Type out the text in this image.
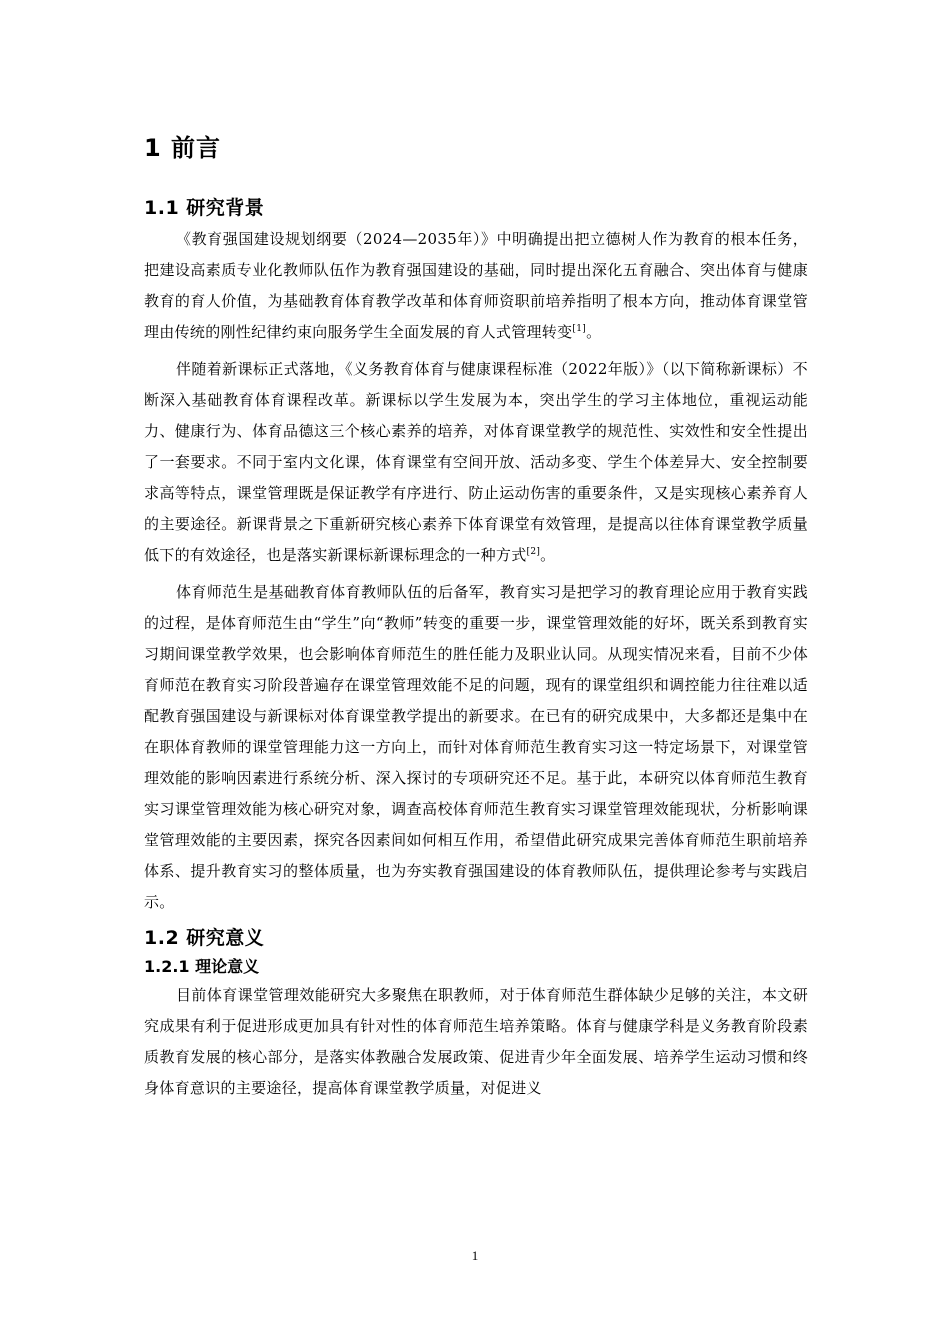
1 前言
1.1 研究背景

《教育强国建设规划纲要（2024—2035年）》中明确提出把立德树人作为教育的根本任务，把建设高素质专业化教师队伍作为教育强国建设的基础，同时提出深化五育融合、突出体育与健康教育的育人价值，为基础教育体育教学改革和体育师资职前培养指明了根本方向，推动体育课堂管理由传统的刚性纪律约束向服务学生全面发展的育人式管理转变[1]。

伴随着新课标正式落地，《义务教育体育与健康课程标准（2022年版）》（以下简称新课标）不断深入基础教育体育课程改革。新课标以学生发展为本，突出学生的学习主体地位，重视运动能力、健康行为、体育品德这三个核心素养的培养，对体育课堂教学的规范性、实效性和安全性提出了一套要求。不同于室内文化课，体育课堂有空间开放、活动多变、学生个体差异大、安全控制要求高等特点，课堂管理既是保证教学有序进行、防止运动伤害的重要条件，又是实现核心素养育人的主要途径。新课背景之下重新研究核心素养下体育课堂有效管理，是提高以往体育课堂教学质量低下的有效途径，也是落实新课标新课标理念的一种方式[2]。

体育师范生是基础教育体育教师队伍的后备军，教育实习是把学习的教育理论应用于教育实践的过程，是体育师范生由“学生”向“教师”转变的重要一步，课堂管理效能的好坏，既关系到教育实习期间课堂教学效果，也会影响体育师范生的胜任能力及职业认同。从现实情况来看，目前不少体育师范在教育实习阶段普遍存在课堂管理效能不足的问题，现有的课堂组织和调控能力往往难以适配教育强国建设与新课标对体育课堂教学提出的新要求。在已有的研究成果中，大多都还是集中在在职体育教师的课堂管理能力这一方向上，而针对体育师范生教育实习这一特定场景下，对课堂管理效能的影响因素进行系统分析、深入探讨的专项研究还不足。基于此，本研究以体育师范生教育实习课堂管理效能为核心研究对象，调查高校体育师范生教育实习课堂管理效能现状，分析影响课堂管理效能的主要因素，探究各因素间如何相互作用，希望借此研究成果完善体育师范生职前培养体系、提升教育实习的整体质量，也为夯实教育强国建设的体育教师队伍，提供理论参考与实践启示。

1.2 研究意义
1.2.1 理论意义

目前体育课堂管理效能研究大多聚焦在职教师，对于体育师范生群体缺少足够的关注，本文研究成果有利于促进形成更加具有针对性的体育师范生培养策略。体育与健康学科是义务教育阶段素质教育发展的核心部分，是落实体教融合发展政策、促进青少年全面发展、培养学生运动习惯和终身体育意识的主要途径，提高体育课堂教学质量，对促进义

1
